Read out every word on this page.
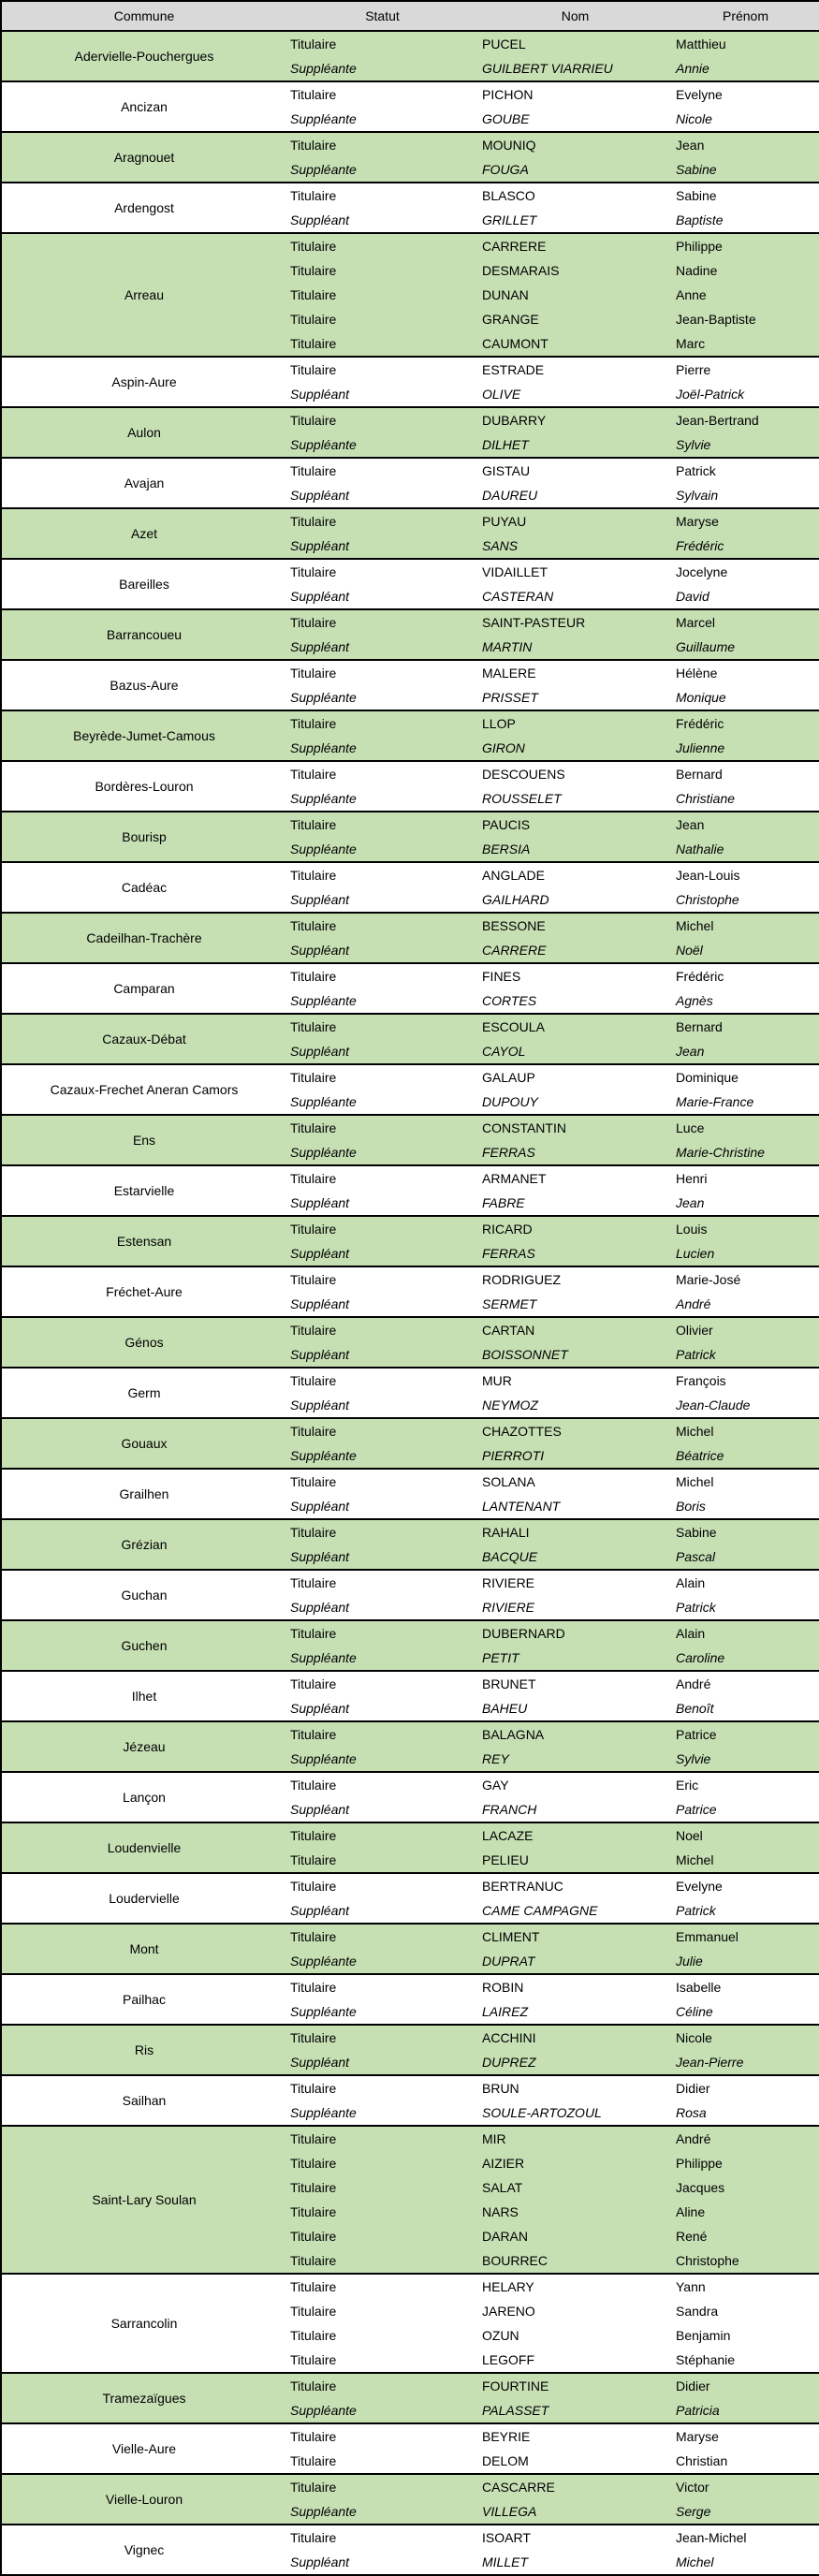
Commune	Statut	Nom	Prénom
Adervielle-Pouchergues	Titulaire	PUCEL	Matthieu
	Suppléante	GUILBERT VIARRIEU	Annie
Ancizan	Titulaire	PICHON	Evelyne
	Suppléante	GOUBE	Nicole
Aragnouet	Titulaire	MOUNIQ	Jean
	Suppléante	FOUGA	Sabine
Ardengost	Titulaire	BLASCO	Sabine
	Suppléant	GRILLET	Baptiste
Arreau	Titulaire	CARRERE	Philippe
	Titulaire	DESMARAIS	Nadine
	Titulaire	DUNAN	Anne
	Titulaire	GRANGE	Jean-Baptiste
	Titulaire	CAUMONT	Marc
Aspin-Aure	Titulaire	ESTRADE	Pierre
	Suppléant	OLIVE	Joël-Patrick
Aulon	Titulaire	DUBARRY	Jean-Bertrand
	Suppléante	DILHET	Sylvie
Avajan	Titulaire	GISTAU	Patrick
	Suppléant	DAUREU	Sylvain
Azet	Titulaire	PUYAU	Maryse
	Suppléant	SANS	Frédéric
Bareilles	Titulaire	VIDAILLET	Jocelyne
	Suppléant	CASTERAN	David
Barrancoueu	Titulaire	SAINT-PASTEUR	Marcel
	Suppléant	MARTIN	Guillaume
Bazus-Aure	Titulaire	MALERE	Hélène
	Suppléante	PRISSET	Monique
Beyrède-Jumet-Camous	Titulaire	LLOP	Frédéric
	Suppléante	GIRON	Julienne
Bordères-Louron	Titulaire	DESCOUENS	Bernard
	Suppléante	ROUSSELET	Christiane
Bourisp	Titulaire	PAUCIS	Jean
	Suppléante	BERSIA	Nathalie
Cadéac	Titulaire	ANGLADE	Jean-Louis
	Suppléant	GAILHARD	Christophe
Cadeilhan-Trachère	Titulaire	BESSONE	Michel
	Suppléant	CARRERE	Noël
Camparan	Titulaire	FINES	Frédéric
	Suppléante	CORTES	Agnès
Cazaux-Débat	Titulaire	ESCOULA	Bernard
	Suppléant	CAYOL	Jean
Cazaux-Frechet Aneran Camors	Titulaire	GALAUP	Dominique
	Suppléante	DUPOUY	Marie-France
Ens	Titulaire	CONSTANTIN	Luce
	Suppléante	FERRAS	Marie-Christine
Estarvielle	Titulaire	ARMANET	Henri
	Suppléant	FABRE	Jean
Estensan	Titulaire	RICARD	Louis
	Suppléant	FERRAS	Lucien
Fréchet-Aure	Titulaire	RODRIGUEZ	Marie-José
	Suppléant	SERMET	André
Génos	Titulaire	CARTAN	Olivier
	Suppléant	BOISSONNET	Patrick
Germ	Titulaire	MUR	François
	Suppléant	NEYMOZ	Jean-Claude
Gouaux	Titulaire	CHAZOTTES	Michel
	Suppléante	PIERROTI	Béatrice
Grailhen	Titulaire	SOLANA	Michel
	Suppléant	LANTENANT	Boris
Grézian	Titulaire	RAHALI	Sabine
	Suppléant	BACQUE	Pascal
Guchan	Titulaire	RIVIERE	Alain
	Suppléant	RIVIERE	Patrick
Guchen	Titulaire	DUBERNARD	Alain
	Suppléante	PETIT	Caroline
Ilhet	Titulaire	BRUNET	André
	Suppléant	BAHEU	Benoît
Jézeau	Titulaire	BALAGNA	Patrice
	Suppléante	REY	Sylvie
Lançon	Titulaire	GAY	Eric
	Suppléant	FRANCH	Patrice
Loudenvielle	Titulaire	LACAZE	Noel
	Titulaire	PELIEU	Michel
Loudervielle	Titulaire	BERTRANUC	Evelyne
	Suppléant	CAME CAMPAGNE	Patrick
Mont	Titulaire	CLIMENT	Emmanuel
	Suppléante	DUPRAT	Julie
Pailhac	Titulaire	ROBIN	Isabelle
	Suppléante	LAIREZ	Céline
Ris	Titulaire	ACCHINI	Nicole
	Suppléant	DUPREZ	Jean-Pierre
Sailhan	Titulaire	BRUN	Didier
	Suppléante	SOULE-ARTOZOUL	Rosa
Saint-Lary Soulan	Titulaire	MIR	André
	Titulaire	AIZIER	Philippe
	Titulaire	SALAT	Jacques
	Titulaire	NARS	Aline
	Titulaire	DARAN	René
	Titulaire	BOURREC	Christophe
Sarrancolin	Titulaire	HELARY	Yann
	Titulaire	JARENO	Sandra
	Titulaire	OZUN	Benjamin
	Titulaire	LEGOFF	Stéphanie
Tramezaïgues	Titulaire	FOURTINE	Didier
	Suppléante	PALASSET	Patricia
Vielle-Aure	Titulaire	BEYRIE	Maryse
	Titulaire	DELOM	Christian
Vielle-Louron	Titulaire	CASCARRE	Victor
	Suppléante	VILLEGA	Serge
Vignec	Titulaire	ISOART	Jean-Michel
	Suppléant	MILLET	Michel
